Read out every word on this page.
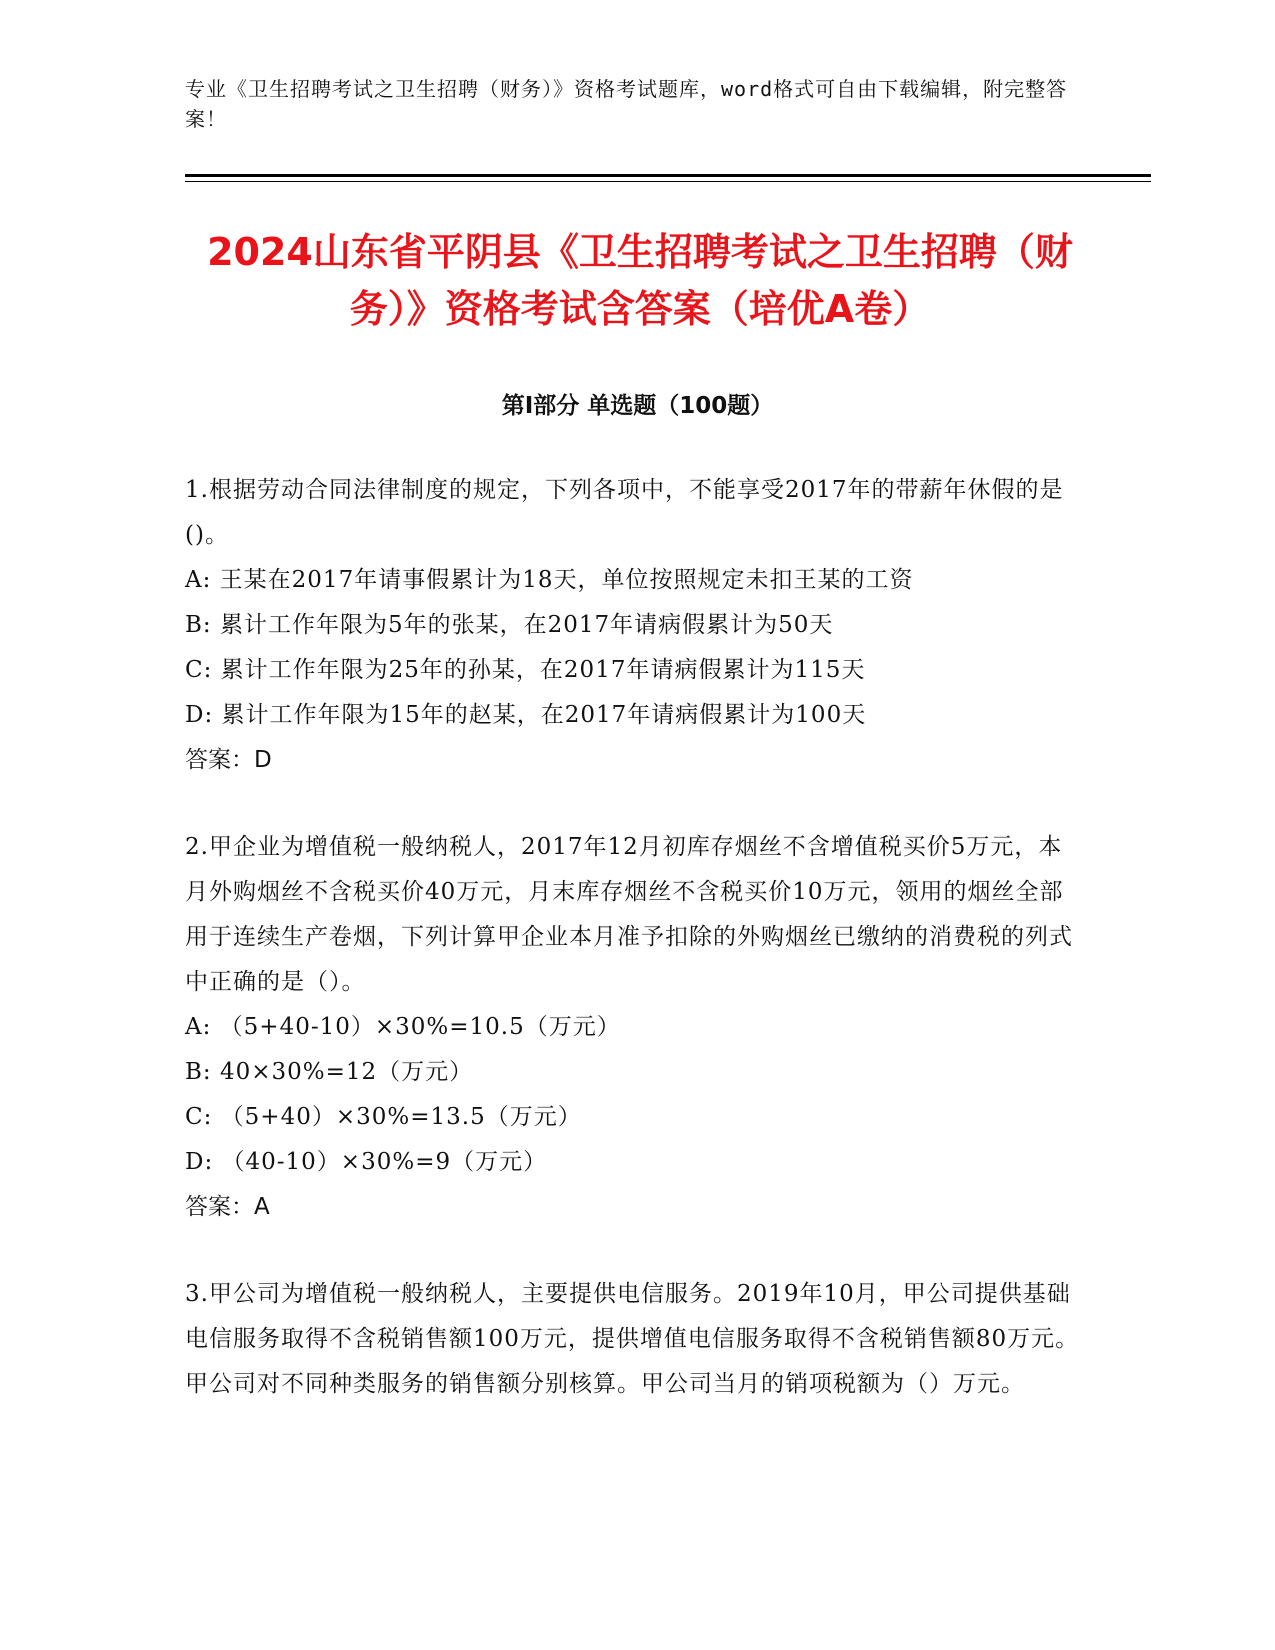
专业《卫生招聘考试之卫生招聘（财务）》资格考试题库，word格式可自由下载编辑，附完整答案！
2024山东省平阴县《卫生招聘考试之卫生招聘（财务）》资格考试含答案（培优A卷）
第Ⅰ部分 单选题（100题）
1.根据劳动合同法律制度的规定，下列各项中，不能享受2017年的带薪年休假的是()。
A: 王某在2017年请事假累计为18天，单位按照规定未扣王某的工资
B: 累计工作年限为5年的张某，在2017年请病假累计为50天
C: 累计工作年限为25年的孙某，在2017年请病假累计为115天
D: 累计工作年限为15年的赵某，在2017年请病假累计为100天
答案：D
2.甲企业为增值税一般纳税人，2017年12月初库存烟丝不含增值税买价5万元，本月外购烟丝不含税买价40万元，月末库存烟丝不含税买价10万元，领用的烟丝全部用于连续生产卷烟，下列计算甲企业本月准予扣除的外购烟丝已缴纳的消费税的列式中正确的是（）。
A: （5+40-10）×30%=10.5（万元）
B: 40×30%=12（万元）
C: （5+40）×30%=13.5（万元）
D: （40-10）×30%=9（万元）
答案：A
3.甲公司为增值税一般纳税人，主要提供电信服务。2019年10月，甲公司提供基础电信服务取得不含税销售额100万元，提供增值电信服务取得不含税销售额80万元。甲公司对不同种类服务的销售额分别核算。甲公司当月的销项税额为（）万元。
